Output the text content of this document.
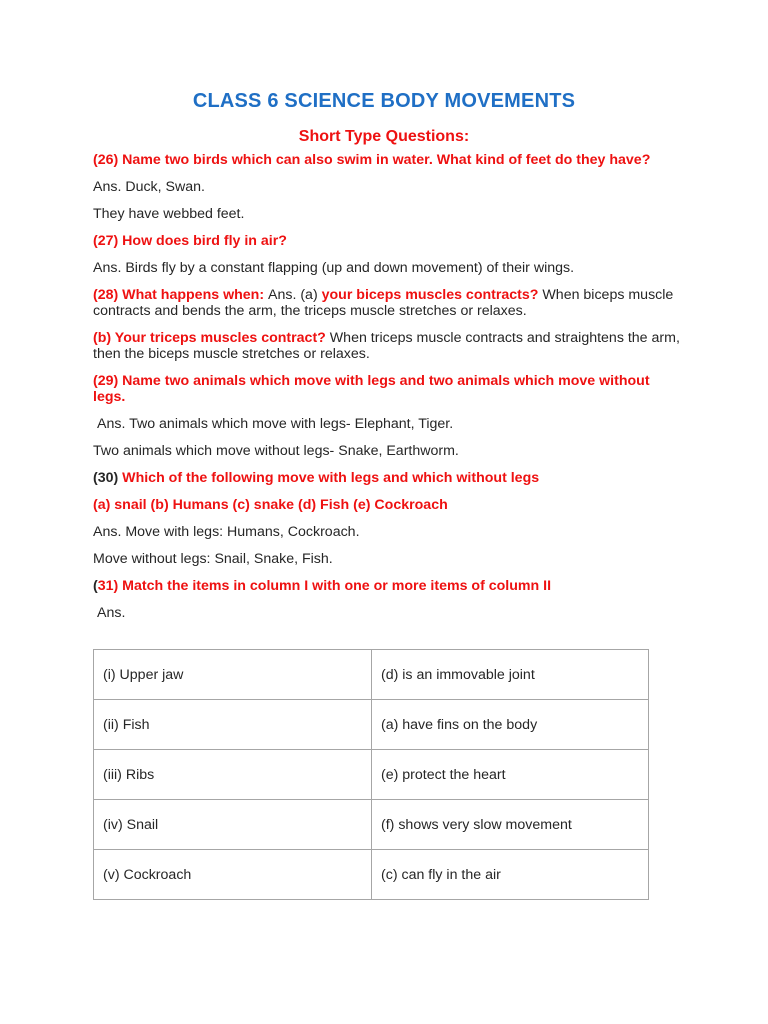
CLASS 6 SCIENCE BODY MOVEMENTS
Short Type Questions:

(26) Name two birds which can also swim in water. What kind of feet do they have?

Ans. Duck, Swan.

They have webbed feet.

(27) How does bird fly in air?

Ans. Birds fly by a constant flapping (up and down movement) of their wings.

(28) What happens when: Ans. (a) your biceps muscles contracts? When biceps muscle contracts and bends the arm, the triceps muscle stretches or relaxes.

(b) Your triceps muscles contract? When triceps muscle contracts and straightens the arm, then the biceps muscle stretches or relaxes.

(29) Name two animals which move with legs and two animals which move without legs.

Ans. Two animals which move with legs- Elephant, Tiger.

Two animals which move without legs- Snake, Earthworm.

(30) Which of the following move with legs and which without legs

(a) snail (b) Humans (c) snake (d) Fish (e) Cockroach

Ans. Move with legs: Humans, Cockroach.

Move without legs: Snail, Snake, Fish.

(31) Match the items in column I with one or more items of column II

Ans.

(i) Upper jaw	(d) is an immovable joint
(ii) Fish	(a) have fins on the body
(iii) Ribs	(e) protect the heart
(iv) Snail	(f) shows very slow movement
(v) Cockroach	(c) can fly in the air
